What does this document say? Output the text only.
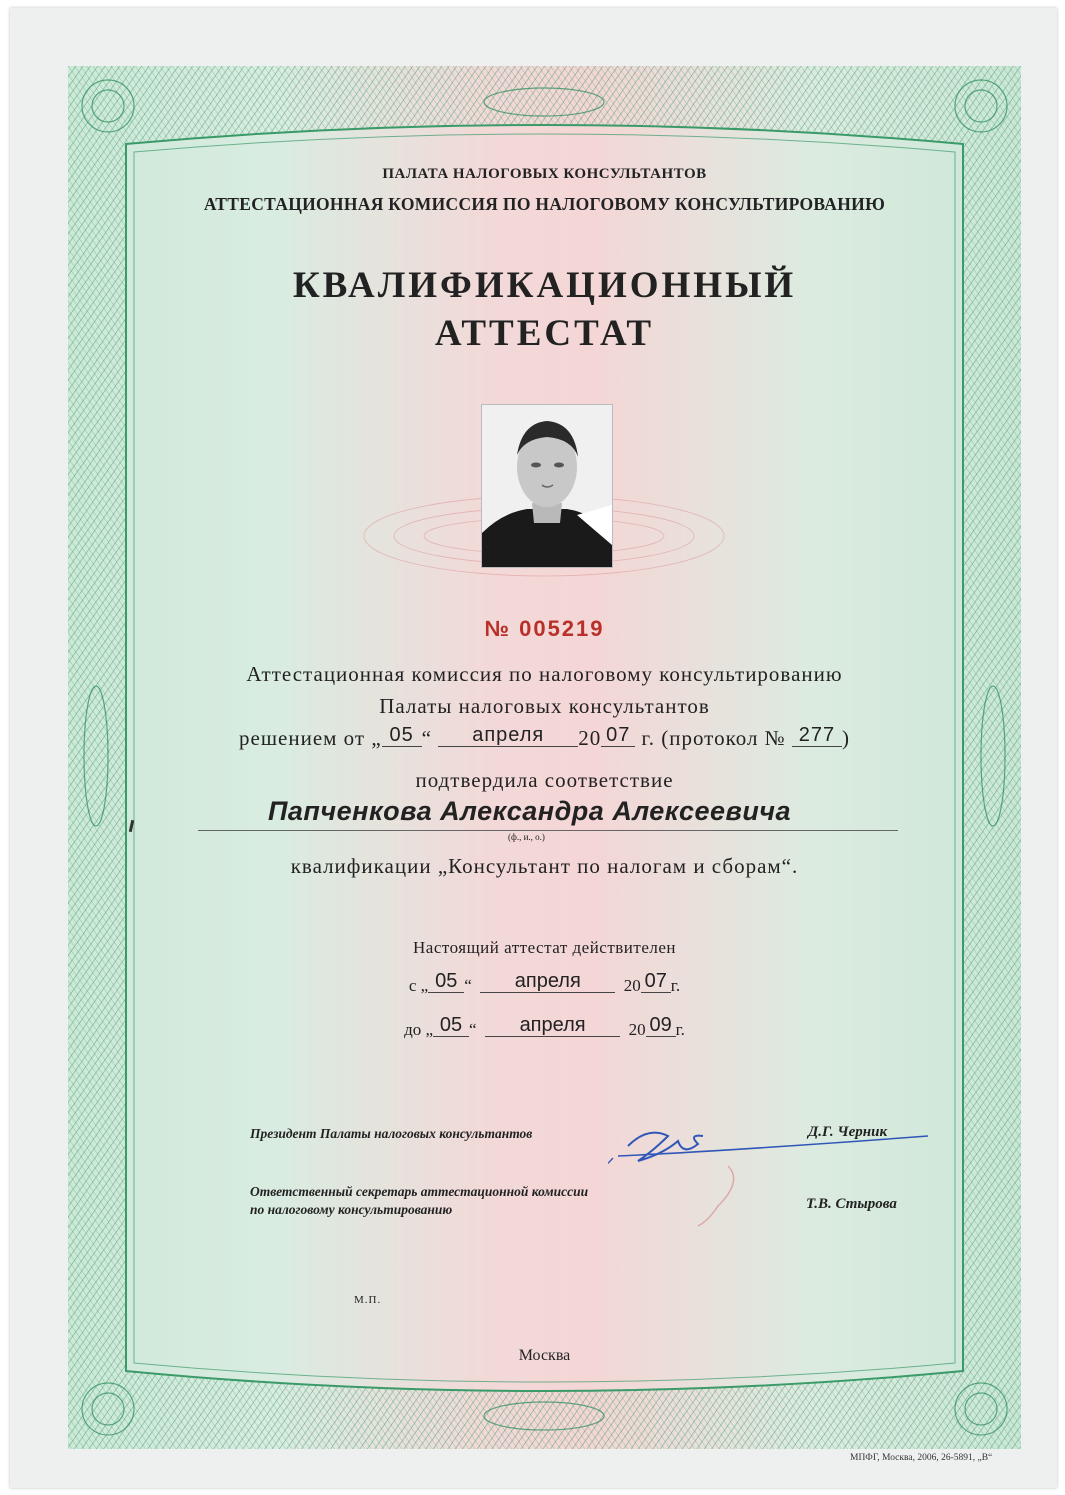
ПАЛАТА НАЛОГОВЫХ КОНСУЛЬТАНТОВ
АТТЕСТАЦИОННАЯ КОМИССИЯ ПО НАЛОГОВОМУ КОНСУЛЬТИРОВАНИЮ
КВАЛИФИКАЦИОННЫЙ
АТТЕСТАТ
№ 005219
Аттестационная комиссия по налоговому консультированию
Палаты налоговых консультантов
решением от „ 05 “ апреля 20 07 г. (протокол № 277 )
подтвердила соответствие
Папченкова Александра Алексеевича
(ф., и., о.)
квалификации „Консультант по налогам и сборам“.
Настоящий аттестат действителен
с „ 05 “ апреля	20 07 г.
до „ 05 “ апреля	20 09 г.
Президент Палаты налоговых консультантов	Д.Г. Черник
Ответственный секретарь аттестационной комиссии
по налоговому консультированию	Т.В. Стырова
М.П.
Москва
МПФГ, Москва, 2006, 26-5891, „В“
